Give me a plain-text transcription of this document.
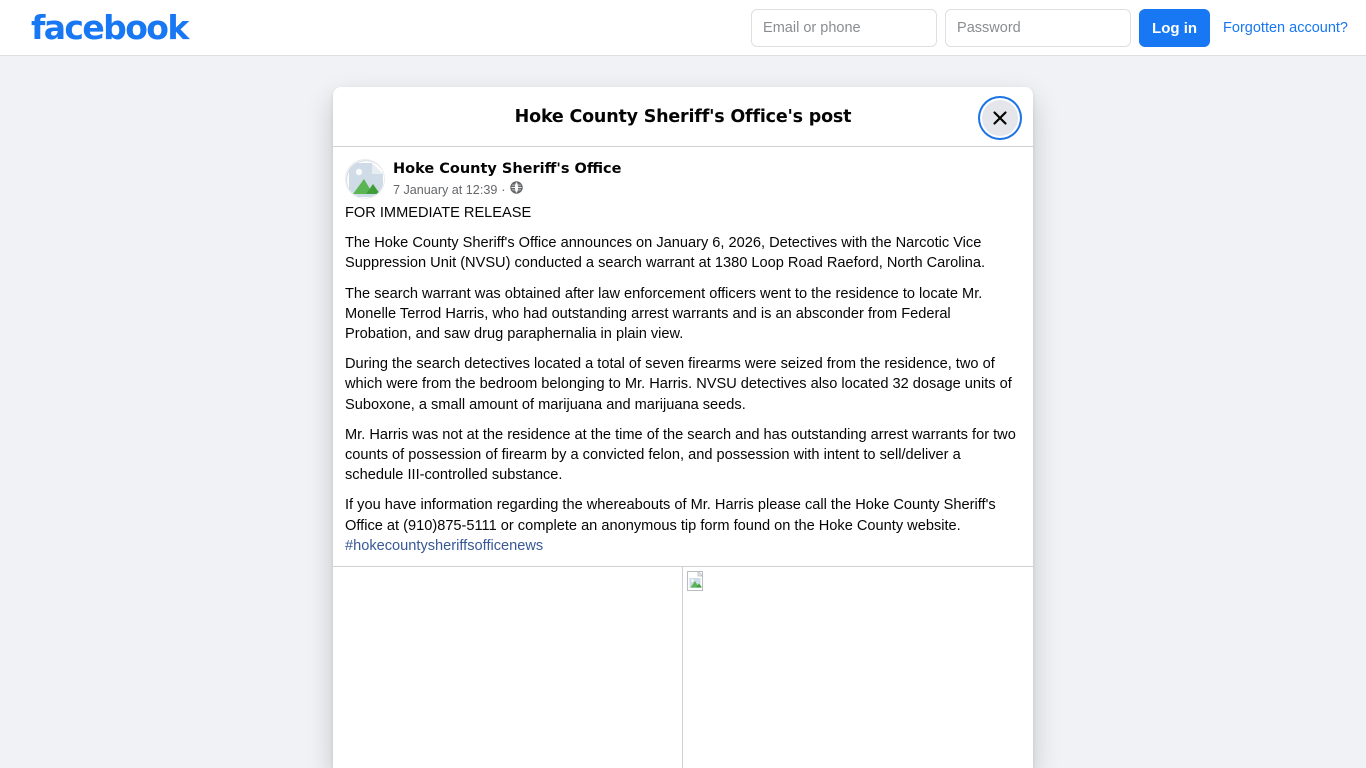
facebook
Email or phone	Log in	Forgotten account?
Hoke County Sheriff's Office's post
Hoke County Sheriff's Office
7 January at 12:39 ·

FOR IMMEDIATE RELEASE

The Hoke County Sheriff's Office announces on January 6, 2026, Detectives with the Narcotic Vice Suppression Unit (NVSU) conducted a search warrant at 1380 Loop Road Raeford, North Carolina.

The search warrant was obtained after law enforcement officers went to the residence to locate Mr. Monelle Terrod Harris, who had outstanding arrest warrants and is an absconder from Federal Probation, and saw drug paraphernalia in plain view.

During the search detectives located a total of seven firearms were seized from the residence, two of which were from the bedroom belonging to Mr. Harris. NVSU detectives also located 32 dosage units of Suboxone, a small amount of marijuana and marijuana seeds.

Mr. Harris was not at the residence at the time of the search and has outstanding arrest warrants for two counts of possession of firearm by a convicted felon, and possession with intent to sell/deliver a schedule III-controlled substance.

If you have information regarding the whereabouts of Mr. Harris please call the Hoke County Sheriff's Office at (910)875-5111 or complete an anonymous tip form found on the Hoke County website. #hokecountysheriffsofficenews
